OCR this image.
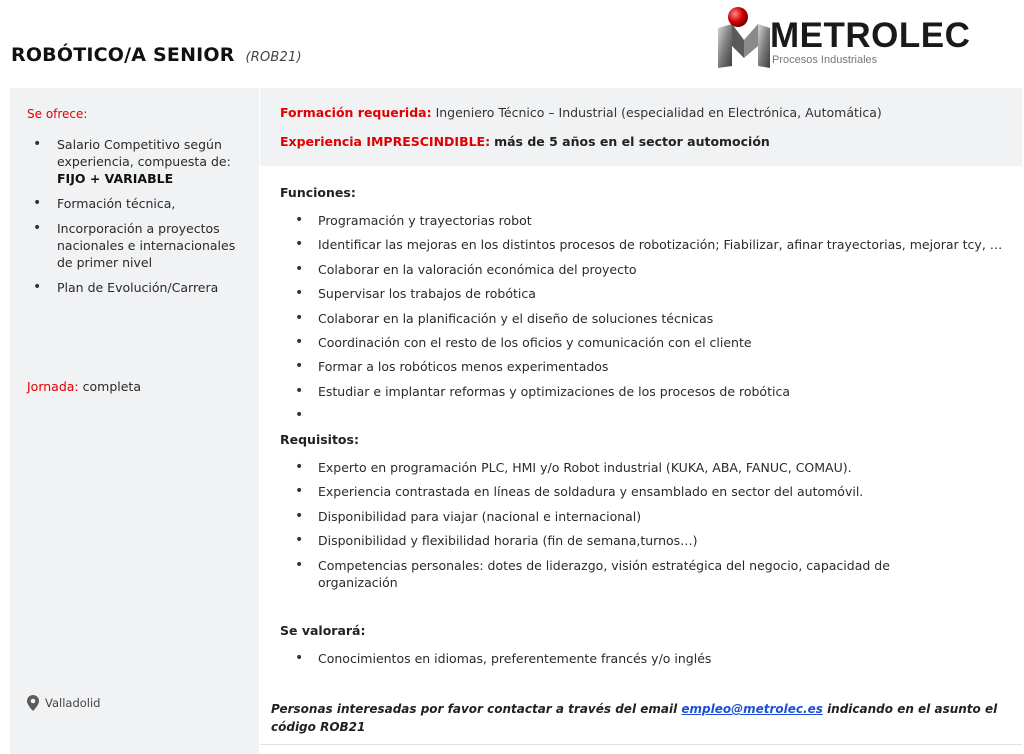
ROBÓTICO/A SENIOR (ROB21)
METROLEC
Procesos Industriales
Se ofrece:
• Salario Competitivo según experiencia, compuesta de:
FIJO + VARIABLE
• Formación técnica,
• Incorporación a proyectos nacionales e internacionales de primer nivel
• Plan de Evolución/Carrera
Jornada: completa
Valladolid
Formación requerida: Ingeniero Técnico – Industrial (especialidad en Electrónica, Automática)
Experiencia IMPRESCINDIBLE: más de 5 años en el sector automoción
Funciones:
• Programación y trayectorias robot
• Identificar las mejoras en los distintos procesos de robotización; Fiabilizar, afinar trayectorias, mejorar tcy, …
• Colaborar en la valoración económica del proyecto
• Supervisar los trabajos de robótica
• Colaborar en la planificación y el diseño de soluciones técnicas
• Coordinación con el resto de los oficios y comunicación con el cliente
• Formar a los robóticos menos experimentados
• Estudiar e implantar reformas y optimizaciones de los procesos de robótica
•
Requisitos:
• Experto en programación PLC, HMI y/o Robot industrial (KUKA, ABA, FANUC, COMAU).
• Experiencia contrastada en líneas de soldadura y ensamblado en sector del automóvil.
• Disponibilidad para viajar (nacional e internacional)
• Disponibilidad y flexibilidad horaria (fin de semana,turnos…)
• Competencias personales: dotes de liderazgo, visión estratégica del negocio, capacidad de organización
Se valorará:
• Conocimientos en idiomas, preferentemente francés y/o inglés
Personas interesadas por favor contactar a través del email empleo@metrolec.es indicando en el asunto el código ROB21
